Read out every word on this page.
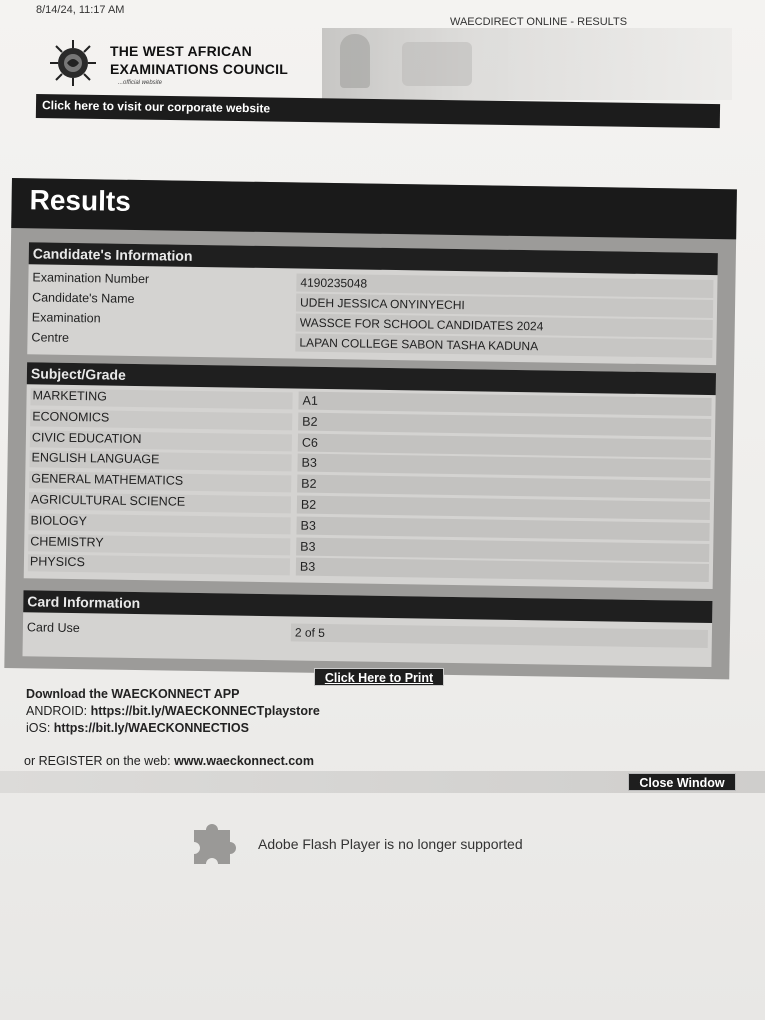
8/14/24, 11:17 AM
WAECDIRECT ONLINE - RESULTS
THE WEST AFRICAN
EXAMINATIONS COUNCIL
...official website
Click here to visit our corporate website
Results
Candidate's Information
Examination Number	4190235048
Candidate's Name	UDEH JESSICA ONYINYECHI
Examination	WASSCE FOR SCHOOL CANDIDATES 2024
Centre	LAPAN COLLEGE SABON TASHA KADUNA
Subject/Grade
MARKETING	A1
ECONOMICS	B2
CIVIC EDUCATION	C6
ENGLISH LANGUAGE	B3
GENERAL MATHEMATICS	B2
AGRICULTURAL SCIENCE	B2
BIOLOGY	B3
CHEMISTRY	B3
PHYSICS	B3
Card Information
Card Use	2 of 5
Click Here to Print
Download the WAECKONNECT APP
ANDROID: https://bit.ly/WAECKONNECTplaystore
iOS: https://bit.ly/WAECKONNECTIOS
or REGISTER on the web: www.waeckonnect.com
Close Window
Adobe Flash Player is no longer supported
